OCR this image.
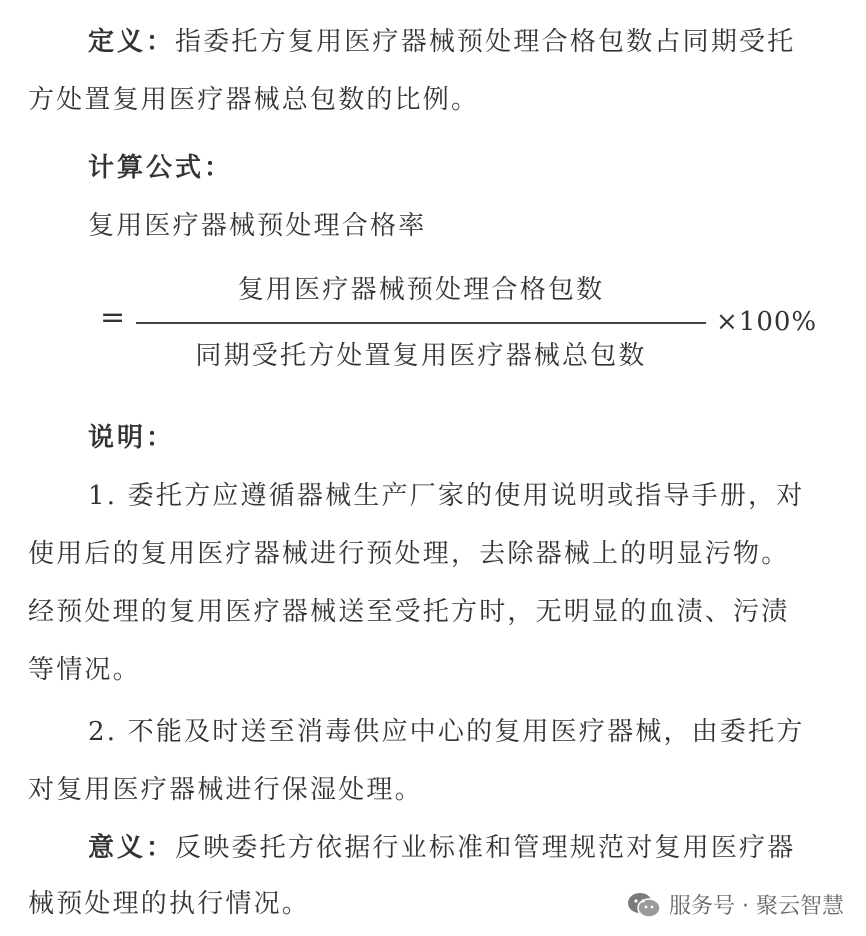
定义：指委托方复用医疗器械预处理合格包数占同期受托
方处置复用医疗器械总包数的比例。
计算公式：
复用医疗器械预处理合格率
复用医疗器械预处理合格包数
=	×100%
同期受托方处置复用医疗器械总包数
说明：
1. 委托方应遵循器械生产厂家的使用说明或指导手册，对
使用后的复用医疗器械进行预处理，去除器械上的明显污物。
经预处理的复用医疗器械送至受托方时，无明显的血渍、污渍
等情况。
2. 不能及时送至消毒供应中心的复用医疗器械，由委托方
对复用医疗器械进行保湿处理。
意义：反映委托方依据行业标准和管理规范对复用医疗器
械预处理的执行情况。	服务号 · 聚云智慧
